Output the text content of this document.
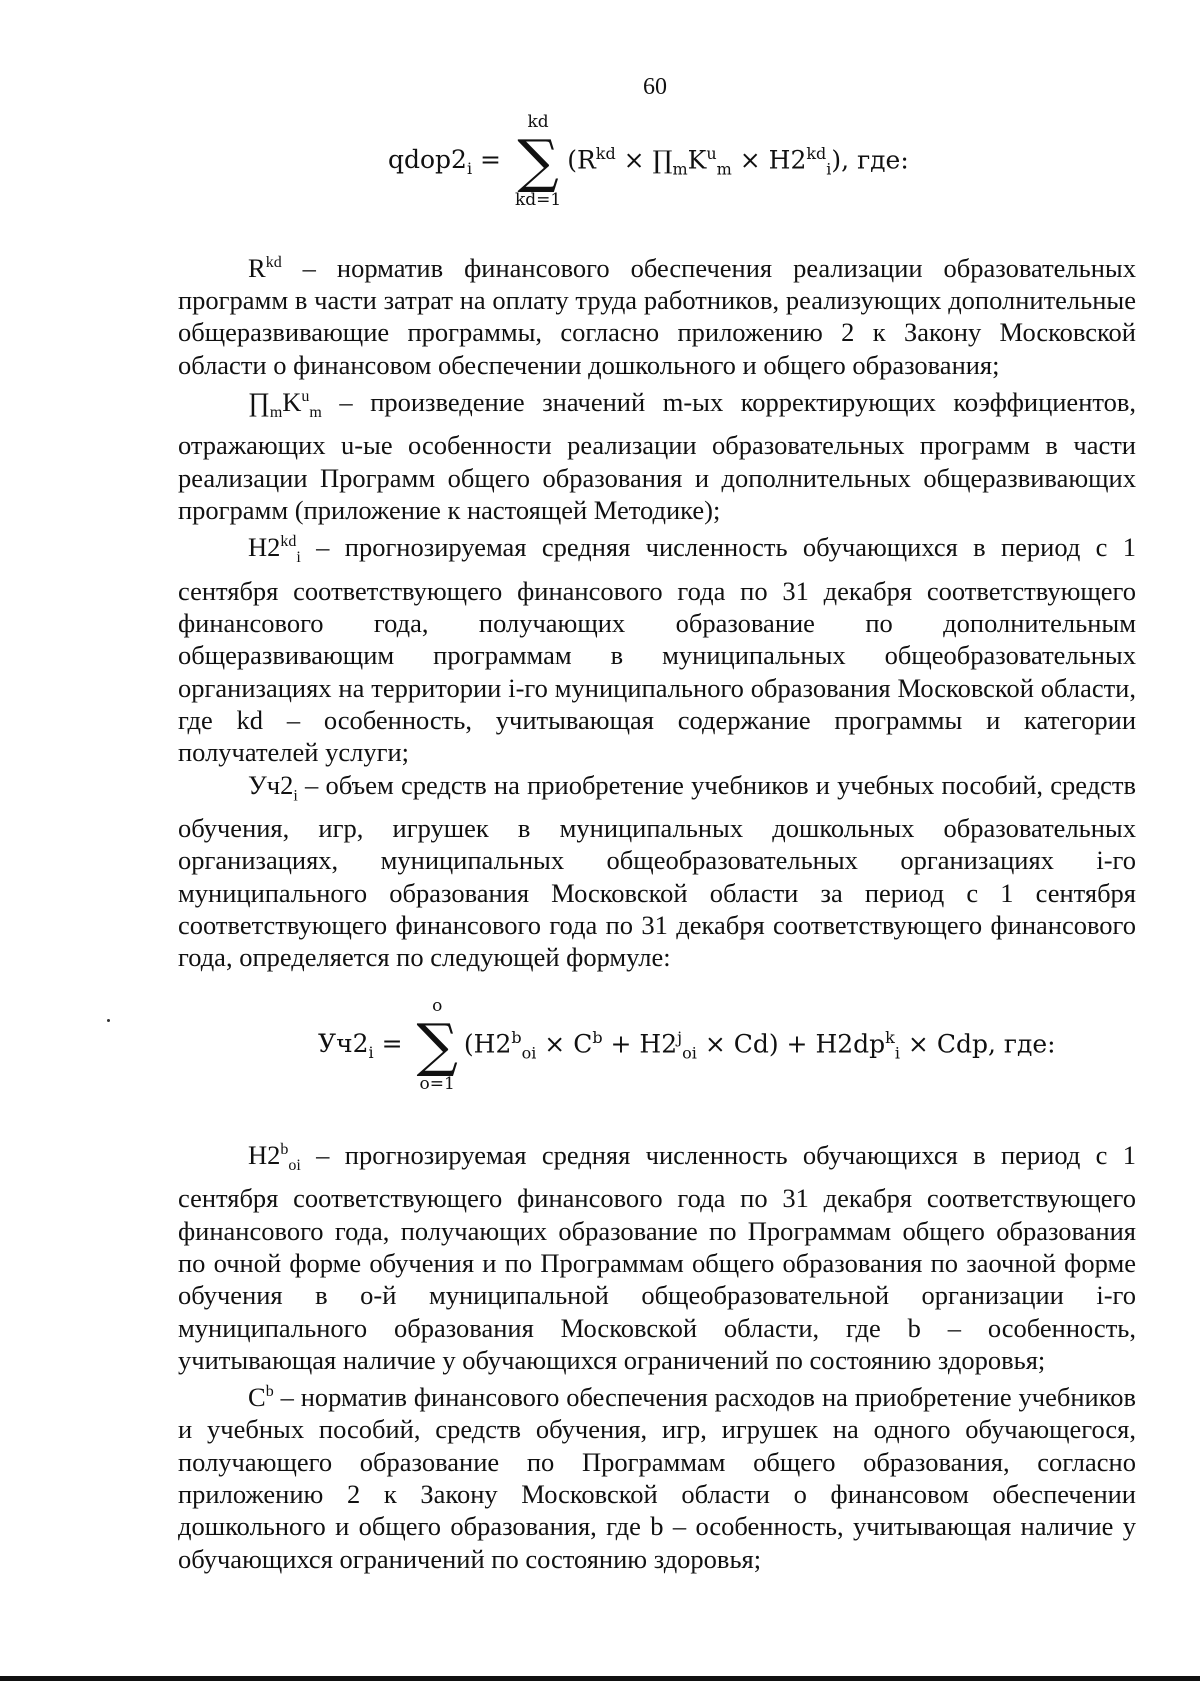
60
$qdop2_i$ =
kd
∑
kd=1
($R^{kd}$ × $\prod_mK^u_m \times H2^{kd}_i$), где:

$R^{kd}$ – норматив финансового обеспечения реализации образовательных программ в части затрат на оплату труда работников, реализующих дополнительные общеразвивающие программы, согласно приложению 2 к Закону Московской области о финансовом обеспечении дошкольного и общего образования;

$\prod_mK^u_m$ – произведение значений m-ых корректирующих коэффициентов, отражающих u-ые особенности реализации образовательных программ в части реализации Программ общего образования и дополнительных общеразвивающих программ (приложение к настоящей Методике);

$H2^{kd}_i$ – прогнозируемая средняя численность обучающихся в период с 1 сентября соответствующего финансового года по 31 декабря соответствующего финансового года, получающих образование по дополнительным общеразвивающим программам в муниципальных общеобразовательных организациях на территории i-го муниципального образования Московской области, где kd – особенность, учитывающая содержание программы и категории получателей услуги;

$Уч2_i$ – объем средств на приобретение учебников и учебных пособий, средств обучения, игр, игрушек в муниципальных дошкольных образовательных организациях, муниципальных общеобразовательных организациях i-го муниципального образования Московской области за период с 1 сентября соответствующего финансового года по 31 декабря соответствующего финансового года, определяется по следующей формуле:

$Уч2_i$ =
o
∑
o=1
$(H2^b_{oi} \times C^b + H2^j_{oi} \times Cd) + H2dp^k_i$ × Cdp, где:

$H2^b_{oi}$ – прогнозируемая средняя численность обучающихся в период с 1 сентября соответствующего финансового года по 31 декабря соответствующего финансового года, получающих образование по Программам общего образования по очной форме обучения и по Программам общего образования по заочной форме обучения в о-й муниципальной общеобразовательной организации i-го муниципального образования Московской области, где b – особенность, учитывающая наличие у обучающихся ограничений по состоянию здоровья;

$C^b$ – норматив финансового обеспечения расходов на приобретение учебников и учебных пособий, средств обучения, игр, игрушек на одного обучающегося, получающего образование по Программам общего образования, согласно приложению 2 к Закону Московской области о финансовом обеспечении дошкольного и общего образования, где b – особенность, учитывающая наличие у обучающихся ограничений по состоянию здоровья;
